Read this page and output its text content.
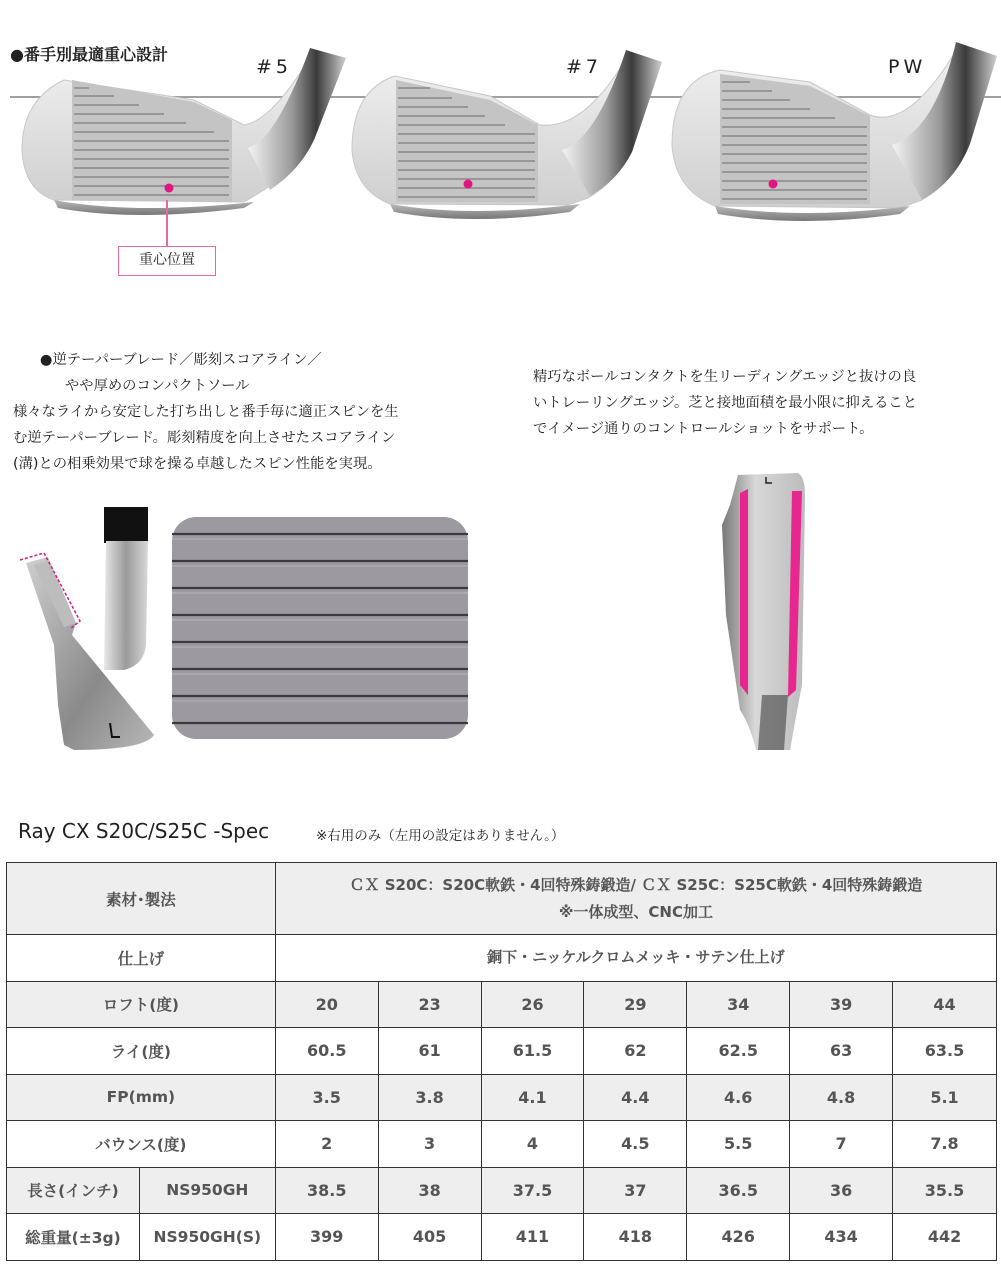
●番手別最適重心設計
#5	#7	PW
重心位置
●逆テーパーブレード／彫刻スコアライン／
やや厚めのコンパクトソール
様々なライから安定した打ち出しと番手毎に適正スピンを生
む逆テーパーブレード。彫刻精度を向上させたスコアライン
(溝)との相乗効果で球を操る卓越したスピン性能を実現。
精巧なボールコンタクトを生リーディングエッジと抜けの良
いトレーリングエッジ。芝と接地面積を最小限に抑えること
でイメージ通りのコントロールショットをサポート。
Ray CX S20C/S25C -Spec	※右用のみ（左用の設定はありません。）
素材･製法		ＣＸ S20C：S20C軟鉄・4回特殊鋳鍛造/ ＣＸ S25C：S25C軟鉄・4回特殊鋳鍛造
※一体成型、CNC加工						

仕上げ		銅下・ニッケルクロムメッキ・サテン仕上げ						
ロフト(度)		20	23	26	29	34	39	44
ライ(度)		60.5	61	61.5	62	62.5	63	63.5
FP(mm)		3.5	3.8	4.1	4.4	4.6	4.8	5.1
バウンス(度)		2	3	4	4.5	5.5	7	7.8
長さ(インチ)	NS950GH	38.5	38	37.5	37	36.5	36	35.5
総重量(±3g)	NS950GH(S)	399	405	411	418	426	434	442
